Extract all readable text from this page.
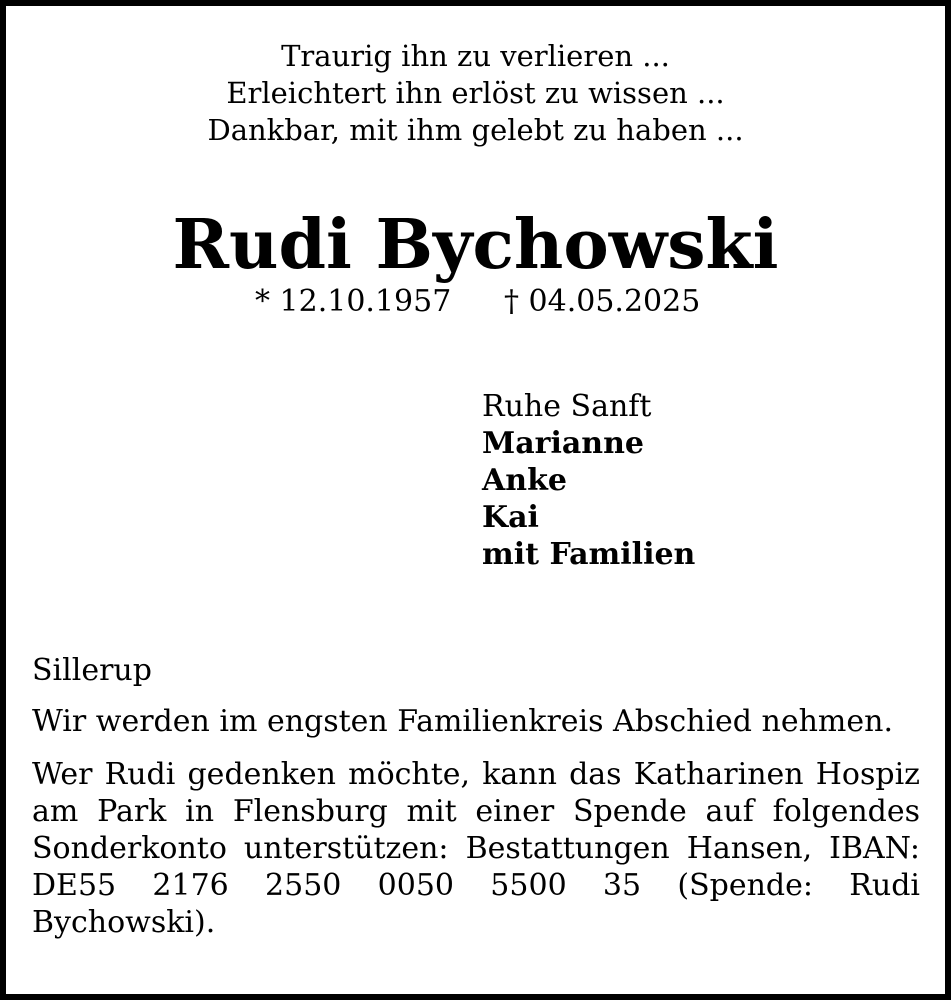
Traurig ihn zu verlieren ...
Erleichtert ihn erlöst zu wissen ...
Dankbar, mit ihm gelebt zu haben ...
Rudi Bychowski
* 12.10.1957 † 04.05.2025
Ruhe Sanft
Marianne
Anke
Kai
mit Familien
Sillerup
Wir werden im engsten Familienkreis Abschied nehmen.
Wer Rudi gedenken möchte, kann das Katharinen Hospiz am Park in Flensburg mit einer Spende auf folgendes Sonderkonto unterstützen: Bestattungen Hansen, IBAN: DE55 2176 2550 0050 5500 35 (Spende: Rudi Bychowski).
